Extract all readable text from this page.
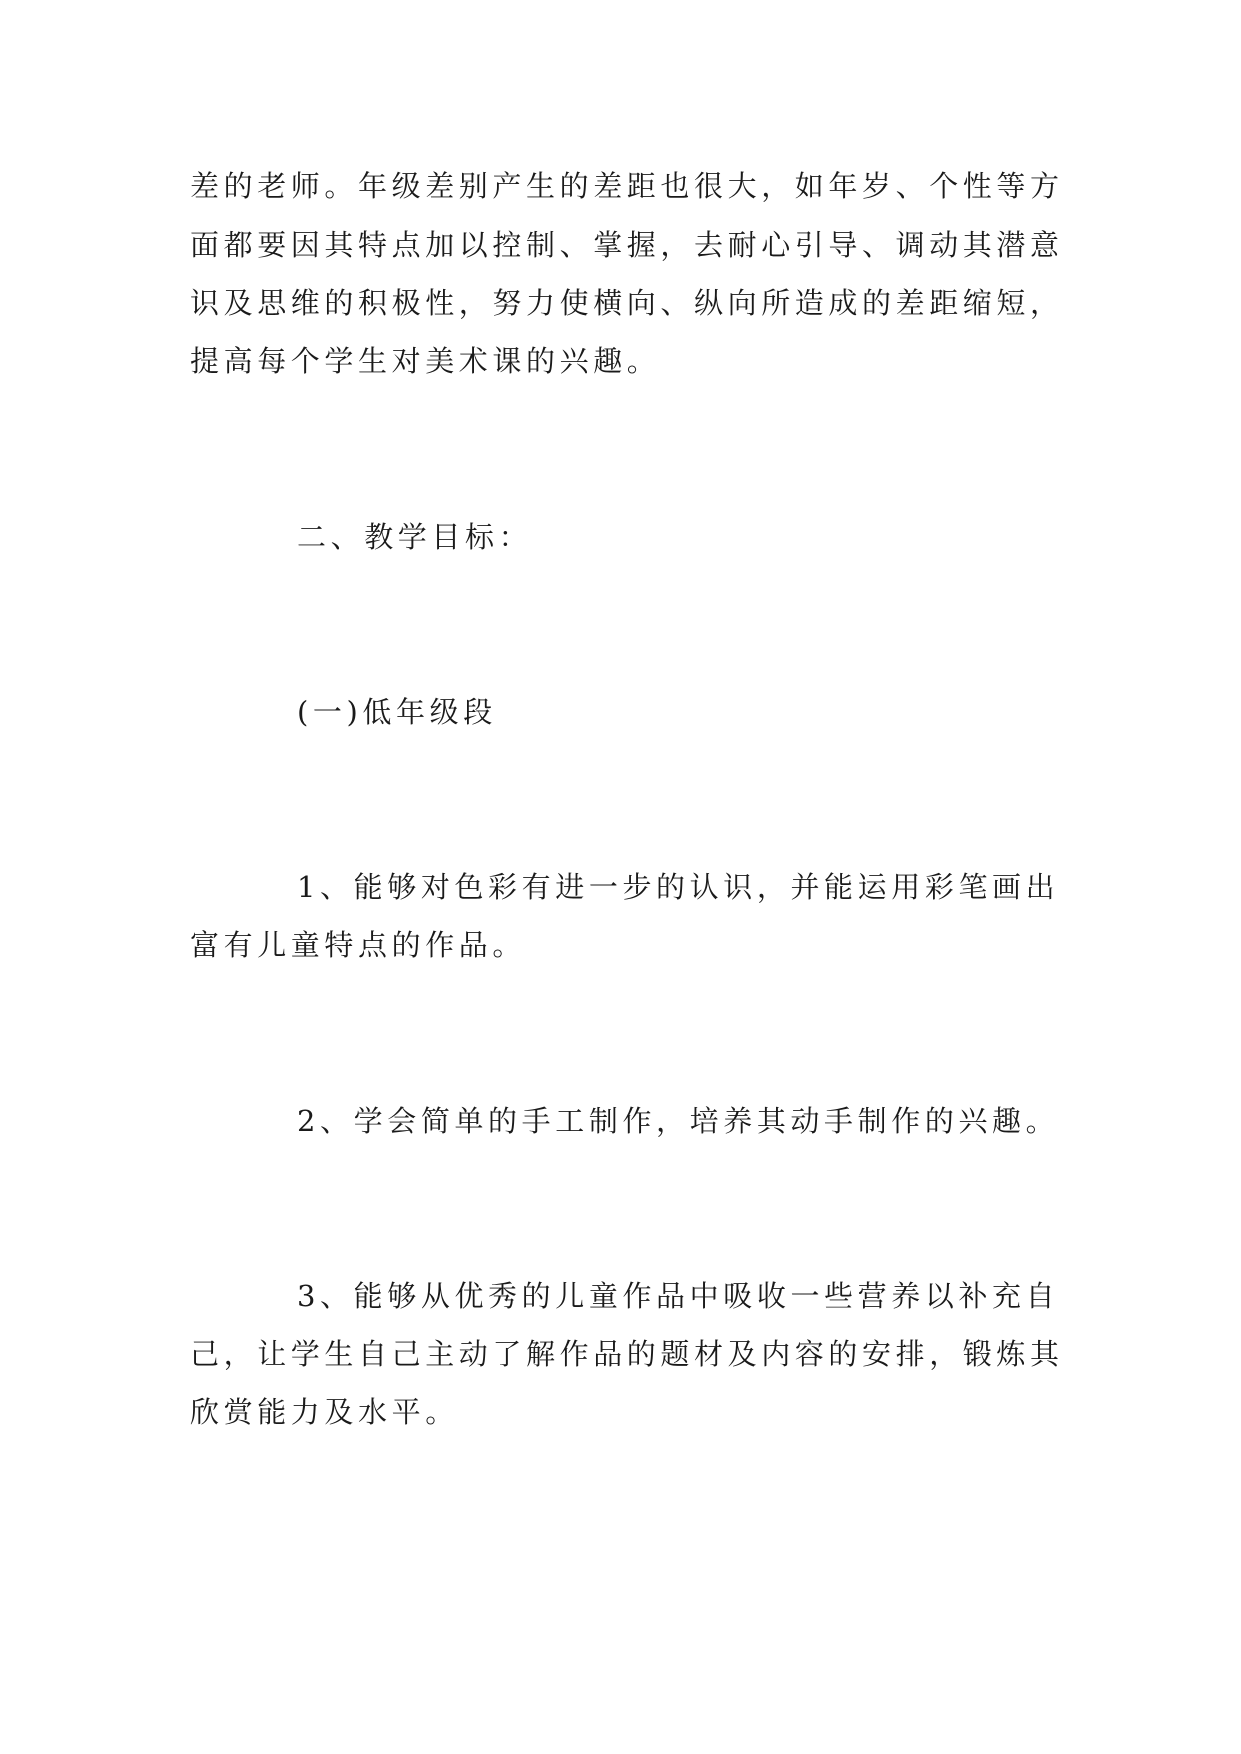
差的老师。年级差别产生的差距也很大，如年岁、个性等方
面都要因其特点加以控制、掌握，去耐心引导、调动其潜意
识及思维的积极性，努力使横向、纵向所造成的差距缩短，
提高每个学生对美术课的兴趣。
二、教学目标：
(一)低年级段
1、能够对色彩有进一步的认识，并能运用彩笔画出
富有儿童特点的作品。
2、学会简单的手工制作，培养其动手制作的兴趣。
3、能够从优秀的儿童作品中吸收一些营养以补充自
己，让学生自己主动了解作品的题材及内容的安排，锻炼其
欣赏能力及水平。
